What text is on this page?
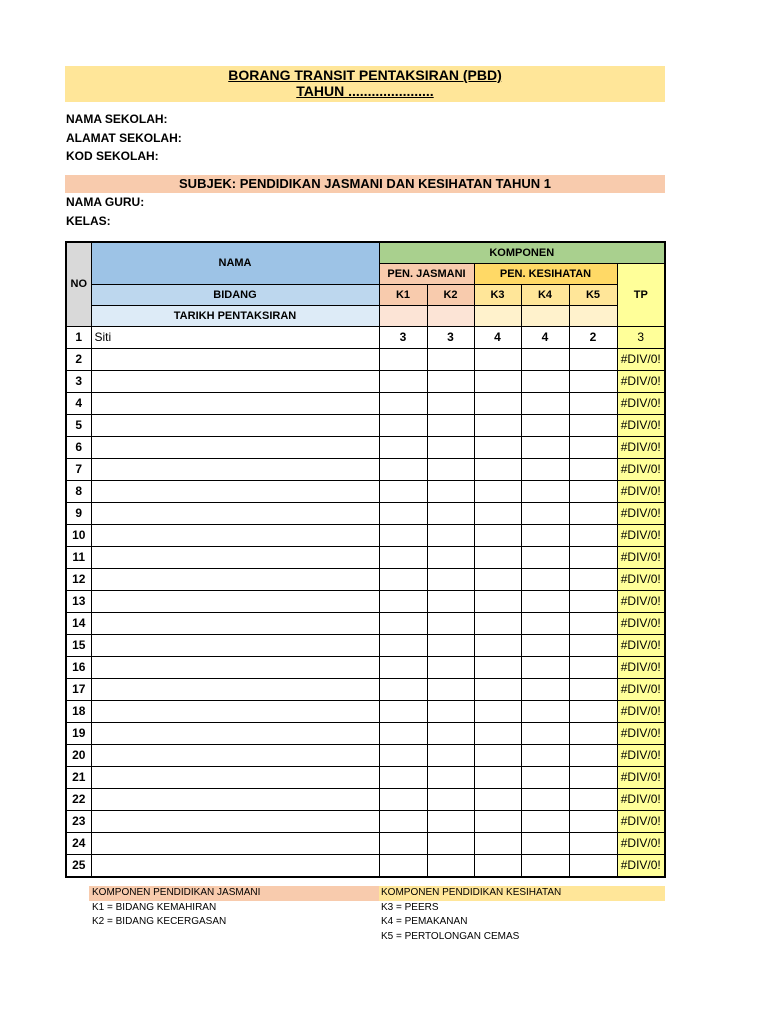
BORANG TRANSIT PENTAKSIRAN (PBD)
TAHUN ......................
NAMA SEKOLAH:
ALAMAT SEKOLAH:
KOD SEKOLAH:
SUBJEK: PENDIDIKAN JASMANI DAN KESIHATAN TAHUN 1
NAMA GURU:
KELAS:
NO	NAMA	KOMPONEN					
		PEN. JASMANI		PEN. KESIHATAN			TP
	BIDANG	K1	K2	K3	K4	K5	
	TARIKH PENTAKSIRAN						
1	Siti	3	3	4	4	2	3
2							#DIV/0!
3							#DIV/0!
4							#DIV/0!
5							#DIV/0!
6							#DIV/0!
7							#DIV/0!
8							#DIV/0!
9							#DIV/0!
10							#DIV/0!
11							#DIV/0!
12							#DIV/0!
13							#DIV/0!
14							#DIV/0!
15							#DIV/0!
16							#DIV/0!
17							#DIV/0!
18							#DIV/0!
19							#DIV/0!
20							#DIV/0!
21							#DIV/0!
22							#DIV/0!
23							#DIV/0!
24							#DIV/0!
25							#DIV/0!
KOMPONEN PENDIDIKAN JASMANI
K1 = BIDANG KEMAHIRAN
K2 = BIDANG KECERGASAN
KOMPONEN PENDIDIKAN KESIHATAN
K3 = PEERS
K4 = PEMAKANAN
K5 = PERTOLONGAN CEMAS
